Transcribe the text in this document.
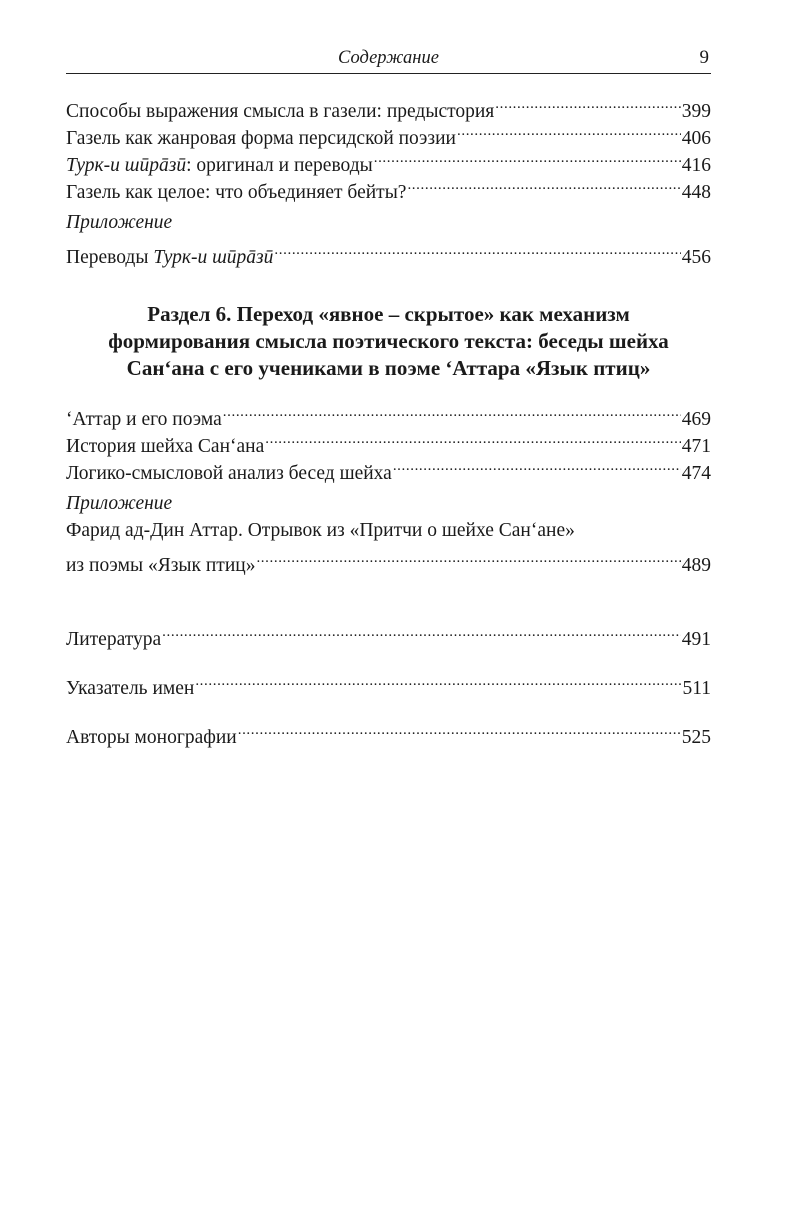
Содержание	9
Способы выражения смысла в газели: предыстория .....	399
Газель как жанровая форма персидской поэзии .....	406
Турк-и шӣрāзӣ: оригинал и переводы .....	416
Газель как целое: что объединяет бейты? .....	448
Приложение
Переводы Турк-и шӣрāзӣ .....	456
Раздел 6. Переход «явное – скрытое» как механизм
формирования смысла поэтического текста: беседы шейха
Сан‘ана с его учениками в поэме ‘Аттара «Язык птиц»
‘Аттар и его поэма .....	469
История шейха Сан‘ана .....	471
Логико-смысловой анализ бесед шейха .....	474
Приложение
Фарид ад-Дин Аттар. Отрывок из «Притчи о шейхе Сан‘ане»
из поэмы «Язык птиц» .....	489
Литература .....	491
Указатель имен .....	511
Авторы монографии .....	525
